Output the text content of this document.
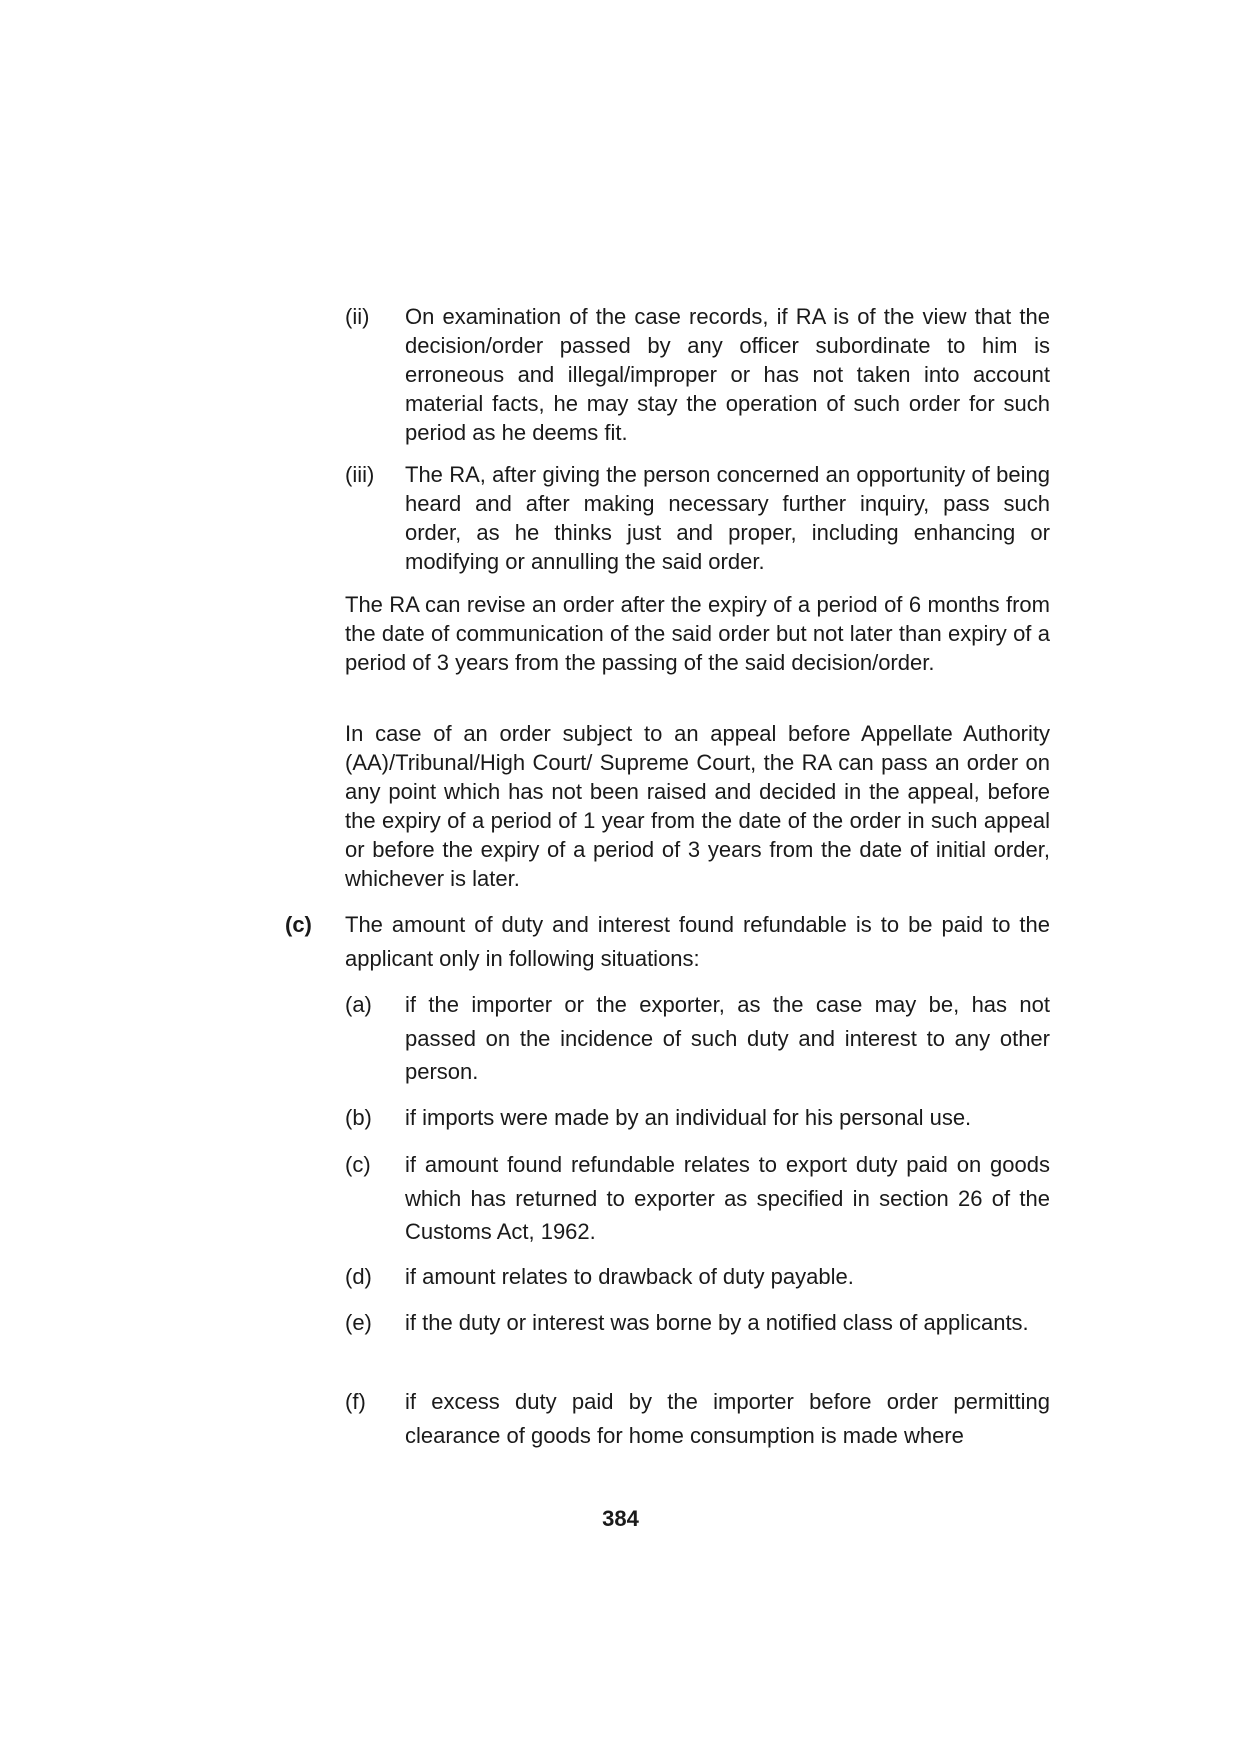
(ii) On examination of the case records, if RA is of the view that the decision/order passed by any officer subordinate to him is erroneous and illegal/improper or has not taken into account material facts, he may stay the operation of such order for such period as he deems fit.
(iii) The RA, after giving the person concerned an opportunity of being heard and after making necessary further inquiry, pass such order, as he thinks just and proper, including enhancing or modifying or annulling the said order.
The RA can revise an order after the expiry of a period of 6 months from the date of communication of the said order but not later than expiry of a period of 3 years from the passing of the said decision/order.
In case of an order subject to an appeal before Appellate Authority (AA)/Tribunal/High Court/ Supreme Court, the RA can pass an order on any point which has not been raised and decided in the appeal, before the expiry of a period of 1 year from the date of the order in such appeal or before the expiry of a period of 3 years from the date of initial order, whichever is later.
(c) The amount of duty and interest found refundable is to be paid to the applicant only in following situations:
(a) if the importer or the exporter, as the case may be, has not passed on the incidence of such duty and interest to any other person.
(b) if imports were made by an individual for his personal use.
(c) if amount found refundable relates to export duty paid on goods which has returned to exporter as specified in section 26 of the Customs Act, 1962.
(d) if amount relates to drawback of duty payable.
(e) if the duty or interest was borne by a notified class of applicants.
(f) if excess duty paid by the importer before order permitting clearance of goods for home consumption is made where
384
